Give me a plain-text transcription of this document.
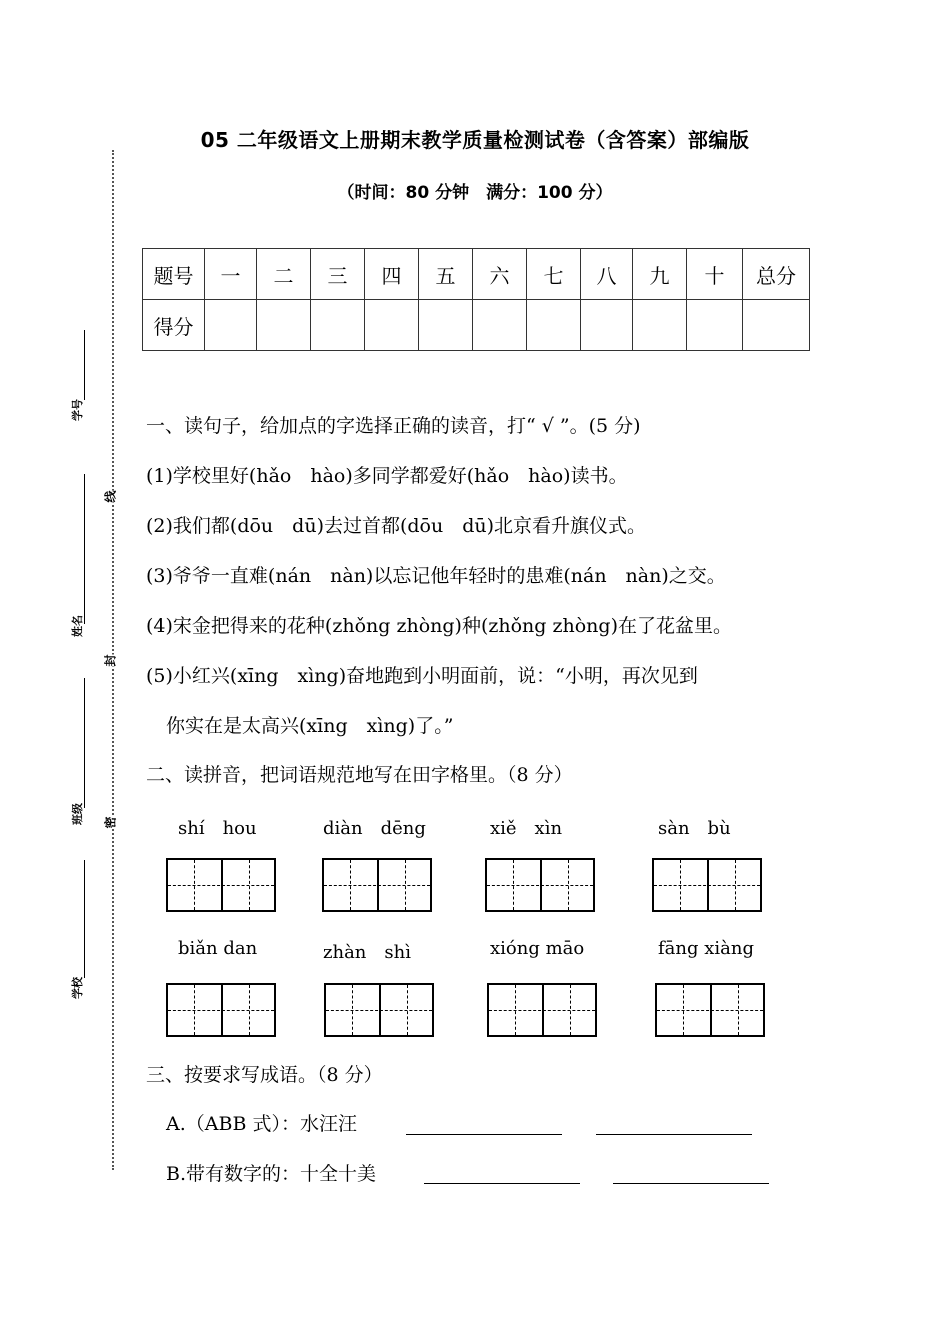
05 二年级语文上册期末教学质量检测试卷（含答案）部编版
（时间：80 分钟　满分：100 分）
题号	一	二	三	四	五	六	七	八	九	十	总分
得分											
线
封
密
学号
姓名
班级
学校
一、读句子，给加点的字选择正确的读音，打“ √ ”。(5 分)
(1)学校里好(hǎo　hào)多同学都爱好(hǎo　hào)读书。
(2)我们都(dōu　dū)去过首都(dōu　dū)北京看升旗仪式。
(3)爷爷一直难(nán　nàn)以忘记他年轻时的患难(nán　nàn)之交。
(4)宋金把得来的花种(zhǒng zhòng)种(zhǒng zhòng)在了花盆里。
(5)小红兴(xīng　xìng)奋地跑到小明面前，说：“小明，再次见到
你实在是太高兴(xīng　xìng)了。”
二、读拼音，把词语规范地写在田字格里。（8 分）
shí　hou	diàn　dēng	xiě　xìn	sàn　bù
biǎn dan	zhàn　shì	xióng māo	fāng xiàng
三、按要求写成语。（8 分）
A.（ABB 式）：水汪汪
B.带有数字的：十全十美
